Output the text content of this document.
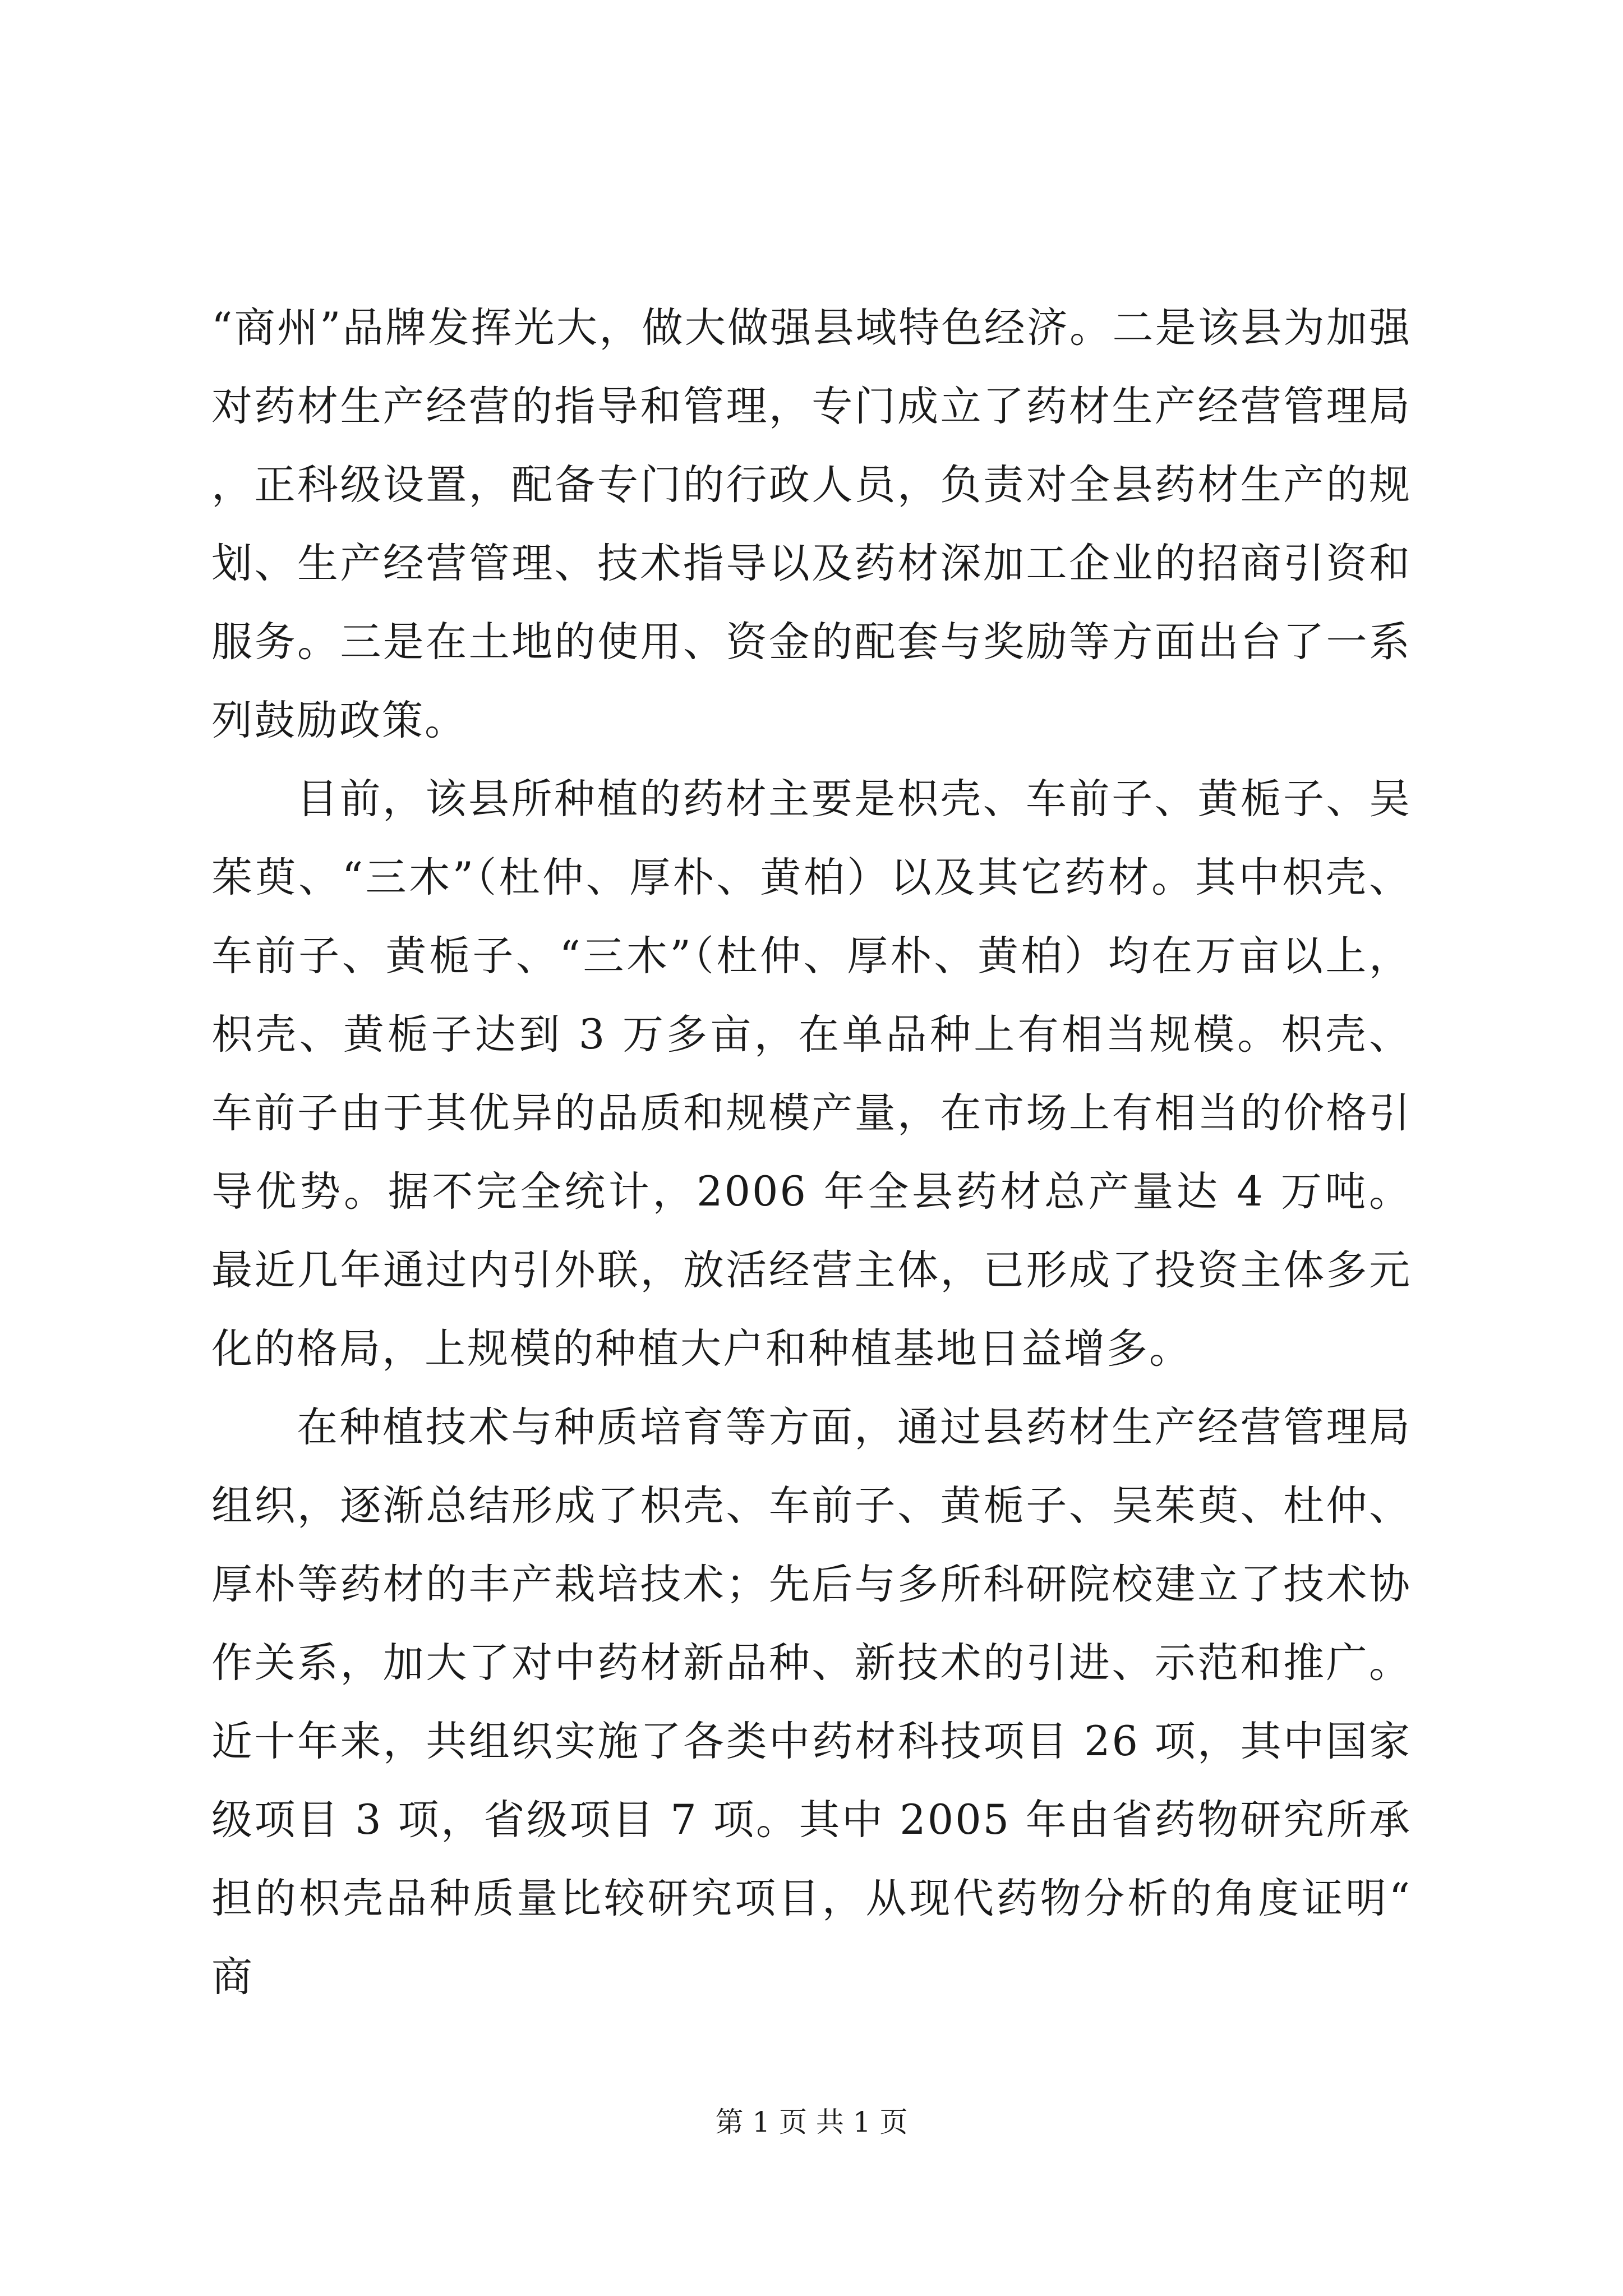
“商州”品牌发挥光大，做大做强县域特色经济。二是该县为加强对药材生产经营的指导和管理，专门成立了药材生产经营管理局，正科级设置，配备专门的行政人员，负责对全县药材生产的规划、生产经营管理、技术指导以及药材深加工企业的招商引资和服务。三是在土地的使用、资金的配套与奖励等方面出台了一系列鼓励政策。

目前，该县所种植的药材主要是枳壳、车前子、黄栀子、吴茱萸、“三木”（杜仲、厚朴、黄柏）以及其它药材。其中枳壳、车前子、黄栀子、“三木”（杜仲、厚朴、黄柏）均在万亩以上，枳壳、黄栀子达到 3 万多亩，在单品种上有相当规模。枳壳、车前子由于其优异的品质和规模产量，在市场上有相当的价格引导优势。据不完全统计，2006 年全县药材总产量达 4 万吨。最近几年通过内引外联，放活经营主体，已形成了投资主体多元化的格局，上规模的种植大户和种植基地日益增多。

在种植技术与种质培育等方面，通过县药材生产经营管理局组织，逐渐总结形成了枳壳、车前子、黄栀子、吴茱萸、杜仲、厚朴等药材的丰产栽培技术；先后与多所科研院校建立了技术协作关系，加大了对中药材新品种、新技术的引进、示范和推广。近十年来，共组织实施了各类中药材科技项目 26 项，其中国家级项目 3 项，省级项目 7 项。其中 2005 年由省药物研究所承担的枳壳品种质量比较研究项目，从现代药物分析的角度证明“商

第 1 页 共 1 页
